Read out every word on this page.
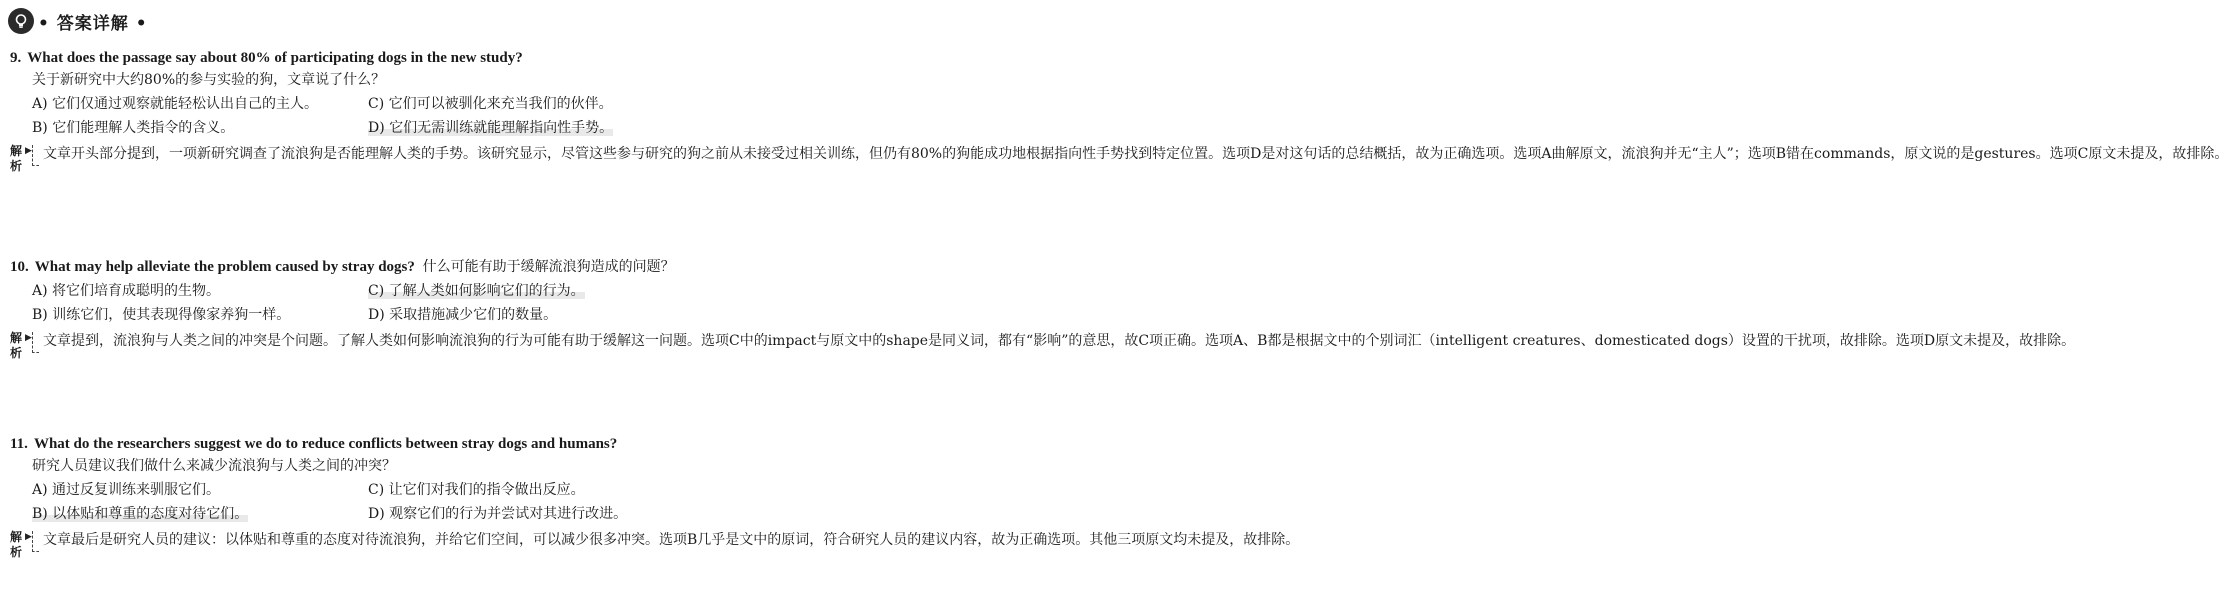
• 答案详解 •
9. What does the passage say about 80% of participating dogs in the new study?
关于新研究中大约80%的参与实验的狗，文章说了什么？
A) 它们仅通过观察就能轻松认出自己的主人。	C) 它们可以被驯化来充当我们的伙伴。
B) 它们能理解人类指令的含义。	D) 它们无需训练就能理解指向性手势。
解析
▶ 文章开头部分提到，一项新研究调查了流浪狗是否能理解人类的手势。该研究显示，尽管这些参与研究的狗之前从未接受过相关训练，但仍有80%的狗能成功地根据指向性手势找到特定位置。选项D是对这句话的总结概括，故为正确选项。选项A曲解原文，流浪狗并无“主人”；选项B错在commands，原文说的是gestures。选项C原文未提及，故排除。
10. What may help alleviate the problem caused by stray dogs? 什么可能有助于缓解流浪狗造成的问题？
A) 将它们培育成聪明的生物。	C) 了解人类如何影响它们的行为。
B) 训练它们，使其表现得像家养狗一样。	D) 采取措施减少它们的数量。
解析
▶ 文章提到，流浪狗与人类之间的冲突是个问题。了解人类如何影响流浪狗的行为可能有助于缓解这一问题。选项C中的impact与原文中的shape是同义词，都有“影响”的意思，故C项正确。选项A、B都是根据文中的个别词汇（intelligent creatures、domesticated dogs）设置的干扰项，故排除。选项D原文未提及，故排除。
11. What do the researchers suggest we do to reduce conflicts between stray dogs and humans?
研究人员建议我们做什么来减少流浪狗与人类之间的冲突？
A) 通过反复训练来驯服它们。	C) 让它们对我们的指令做出反应。
B) 以体贴和尊重的态度对待它们。	D) 观察它们的行为并尝试对其进行改进。
解析
▶ 文章最后是研究人员的建议：以体贴和尊重的态度对待流浪狗，并给它们空间，可以减少很多冲突。选项B几乎是文中的原词，符合研究人员的建议内容，故为正确选项。其他三项原文均未提及，故排除。
